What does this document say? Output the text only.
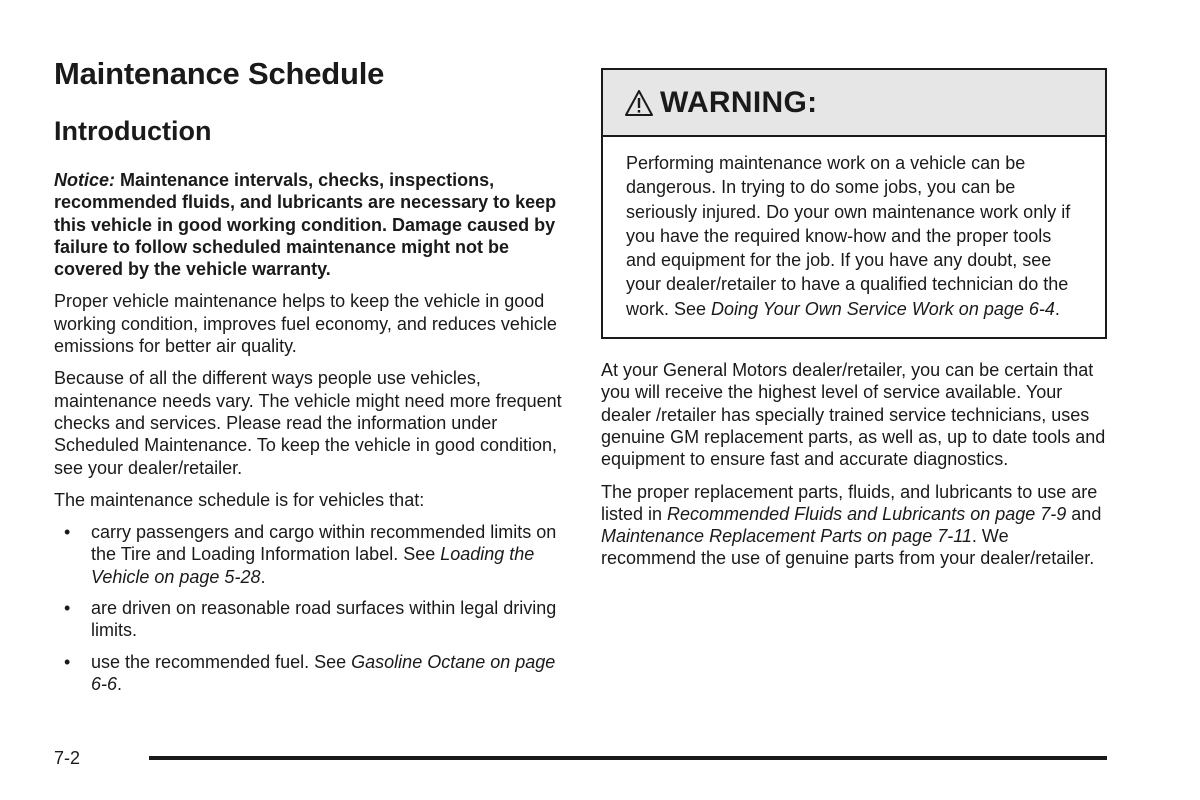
Maintenance Schedule
Introduction

Notice: Maintenance intervals, checks, inspections, recommended fluids, and lubricants are necessary to keep this vehicle in good working condition. Damage caused by failure to follow scheduled maintenance might not be covered by the vehicle warranty.

Proper vehicle maintenance helps to keep the vehicle in good working condition, improves fuel economy, and reduces vehicle emissions for better air quality.

Because of all the different ways people use vehicles, maintenance needs vary. The vehicle might need more frequent checks and services. Please read the information under Scheduled Maintenance. To keep the vehicle in good condition, see your dealer/retailer.

The maintenance schedule is for vehicles that:

• carry passengers and cargo within recommended limits on the Tire and Loading Information label. See Loading the Vehicle on page 5-28.
• are driven on reasonable road surfaces within legal driving limits.
• use the recommended fuel. See Gasoline Octane on page 6-6.
WARNING:

Performing maintenance work on a vehicle can be dangerous. In trying to do some jobs, you can be seriously injured. Do your own maintenance work only if you have the required know-how and the proper tools and equipment for the job. If you have any doubt, see your dealer/retailer to have a qualified technician do the work. See Doing Your Own Service Work on page 6-4.

At your General Motors dealer/retailer, you can be certain that you will receive the highest level of service available. Your dealer /retailer has specially trained service technicians, uses genuine GM replacement parts, as well as, up to date tools and equipment to ensure fast and accurate diagnostics.

The proper replacement parts, fluids, and lubricants to use are listed in Recommended Fluids and Lubricants on page 7-9 and Maintenance Replacement Parts on page 7-11. We recommend the use of genuine parts from your dealer/retailer.

7-2
